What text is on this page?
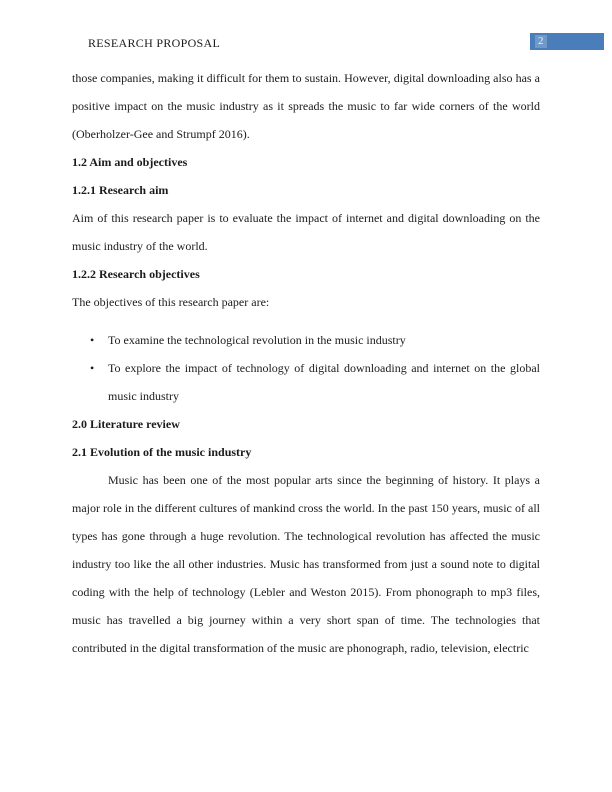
RESEARCH PROPOSAL	2

those companies, making it difficult for them to sustain. However, digital downloading also has a positive impact on the music industry as it spreads the music to far wide corners of the world (Oberholzer-Gee and Strumpf 2016).

1.2 Aim and objectives

1.2.1 Research aim

Aim of this research paper is to evaluate the impact of internet and digital downloading on the music industry of the world.

1.2.2 Research objectives

The objectives of this research paper are:

• To examine the technological revolution in the music industry
• To explore the impact of technology of digital downloading and internet on the global music industry

2.0 Literature review

2.1 Evolution of the music industry

Music has been one of the most popular arts since the beginning of history. It plays a major role in the different cultures of mankind cross the world. In the past 150 years, music of all types has gone through a huge revolution. The technological revolution has affected the music industry too like the all other industries. Music has transformed from just a sound note to digital coding with the help of technology (Lebler and Weston 2015). From phonograph to mp3 files, music has travelled a big journey within a very short span of time. The technologies that contributed in the digital transformation of the music are phonograph, radio, television, electric
